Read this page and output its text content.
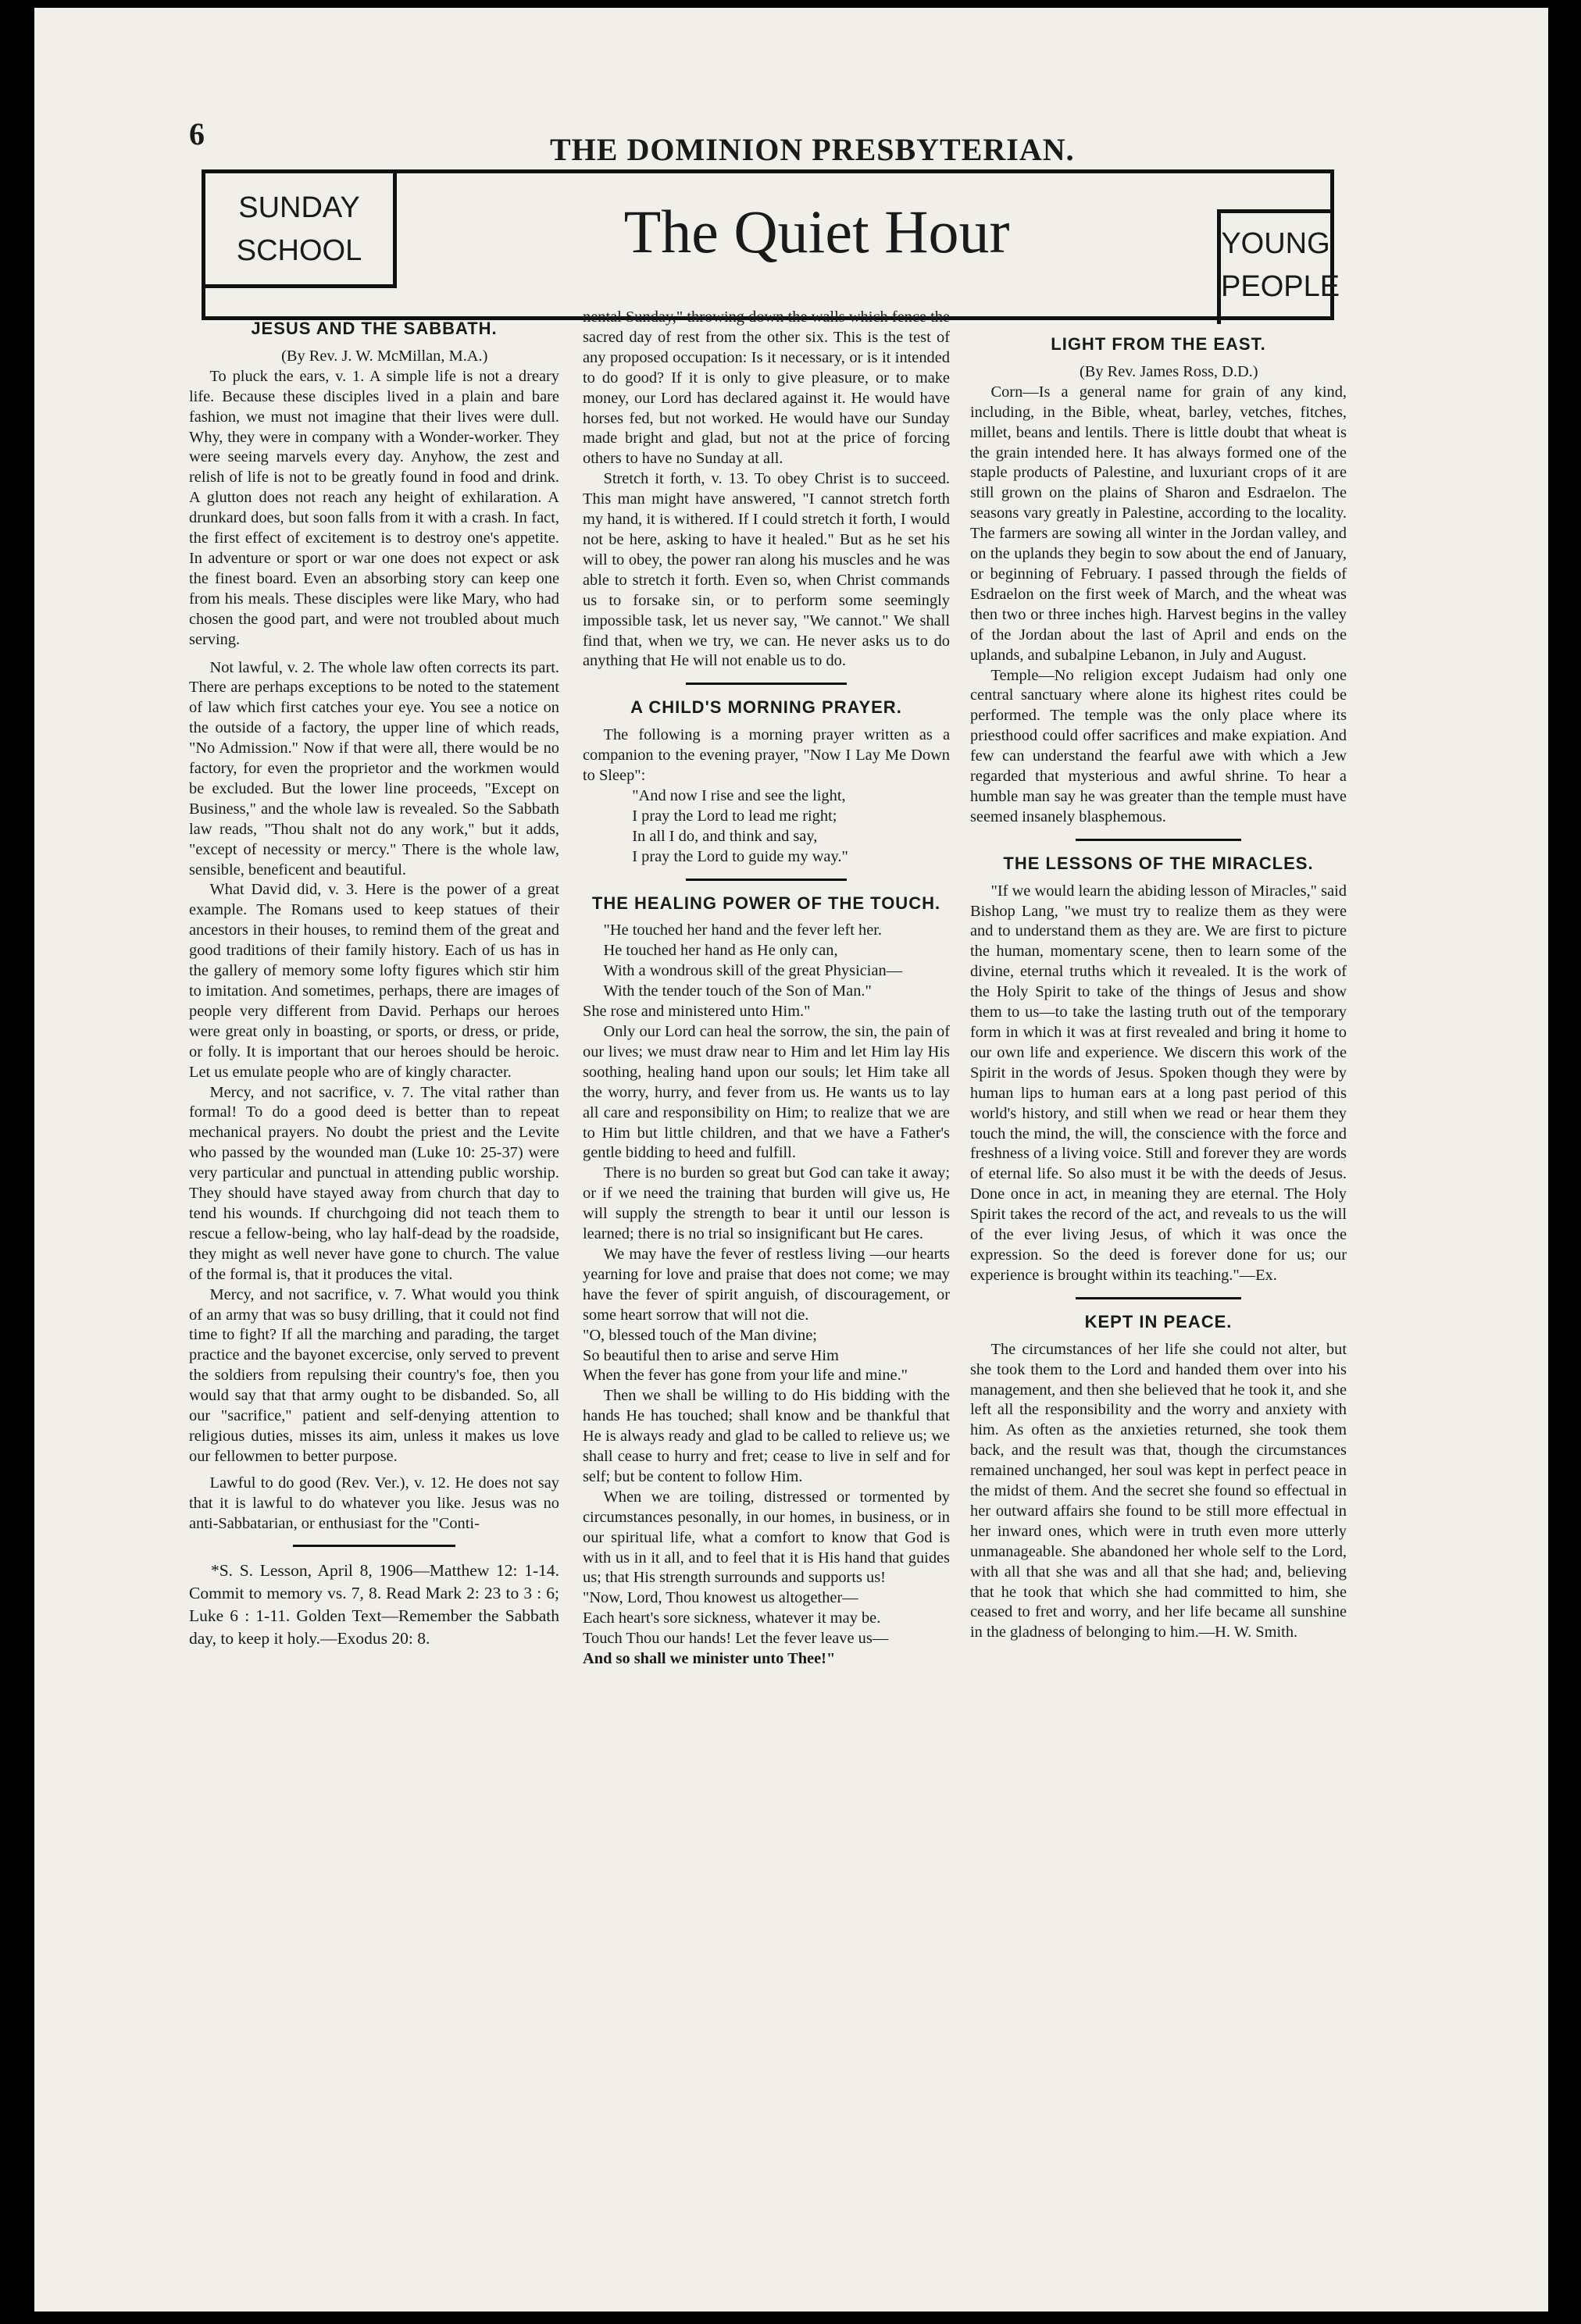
6	THE DOMINION PRESBYTERIAN.
SUNDAY
SCHOOL	The Quiet Hour	YOUNG
PEOPLE
JESUS AND THE SABBATH.

(By Rev. J. W. McMillan, M.A.)

To pluck the ears, v. 1. A simple life is not a dreary life. Because these disciples lived in a plain and bare fashion, we must not imagine that their lives were dull. Why, they were in company with a Wonder-worker. They were seeing marvels every day. Anyhow, the zest and relish of life is not to be greatly found in food and drink. A glutton does not reach any height of exhilaration. A drunkard does, but soon falls from it with a crash. In fact, the first effect of excitement is to destroy one's appetite. In adventure or sport or war one does not expect or ask the finest board. Even an absorbing story can keep one from his meals. These disciples were like Mary, who had chosen the good part, and were not troubled about much serving.

Not lawful, v. 2. The whole law often corrects its part. There are perhaps exceptions to be noted to the statement of law which first catches your eye. You see a notice on the outside of a factory, the upper line of which reads, "No Admission." Now if that were all, there would be no factory, for even the proprietor and the workmen would be excluded. But the lower line proceeds, "Except on Business," and the whole law is revealed. So the Sabbath law reads, "Thou shalt not do any work," but it adds, "except of necessity or mercy." There is the whole law, sensible, beneficent and beautiful.

What David did, v. 3. Here is the power of a great example. The Romans used to keep statues of their ancestors in their houses, to remind them of the great and good traditions of their family history. Each of us has in the gallery of memory some lofty figures which stir him to imitation. And sometimes, perhaps, there are images of people very different from David. Perhaps our heroes were great only in boasting, or sports, or dress, or pride, or folly. It is important that our heroes should be heroic. Let us emulate people who are of kingly character.

Mercy, and not sacrifice, v. 7. The vital rather than formal! To do a good deed is better than to repeat mechanical prayers. No doubt the priest and the Levite who passed by the wounded man (Luke 10: 25-37) were very particular and punctual in attending public worship. They should have stayed away from church that day to tend his wounds. If churchgoing did not teach them to rescue a fellow-being, who lay half-dead by the roadside, they might as well never have gone to church. The value of the formal is, that it produces the vital.

Mercy, and not sacrifice, v. 7. What would you think of an army that was so busy drilling, that it could not find time to fight? If all the marching and parading, the target practice and the bayonet excercise, only served to prevent the soldiers from repulsing their country's foe, then you would say that that army ought to be disbanded. So, all our "sacrifice," patient and self-denying attention to religious duties, misses its aim, unless it makes us love our fellowmen to better purpose.

Lawful to do good (Rev. Ver.), v. 12. He does not say that it is lawful to do whatever you like. Jesus was no anti-Sabbatarian, or enthusiast for the "Conti-

*S. S. Lesson, April 8, 1906—Matthew 12: 1-14. Commit to memory vs. 7, 8. Read Mark 2: 23 to 3 : 6; Luke 6 : 1-11. Golden Text—Remember the Sabbath day, to keep it holy.—Exodus 20: 8.

nental Sunday," throwing down the walls which fence the sacred day of rest from the other six. This is the test of any proposed occupation: Is it necessary, or is it intended to do good? If it is only to give pleasure, or to make money, our Lord has declared against it. He would have horses fed, but not worked. He would have our Sunday made bright and glad, but not at the price of forcing others to have no Sunday at all.

Stretch it forth, v. 13. To obey Christ is to succeed. This man might have answered, "I cannot stretch forth my hand, it is withered. If I could stretch it forth, I would not be here, asking to have it healed." But as he set his will to obey, the power ran along his muscles and he was able to stretch it forth. Even so, when Christ commands us to forsake sin, or to perform some seemingly impossible task, let us never say, "We cannot." We shall find that, when we try, we can. He never asks us to do anything that He will not enable us to do.

A CHILD'S MORNING PRAYER.

The following is a morning prayer written as a companion to the evening prayer, "Now I Lay Me Down to Sleep":

"And now I rise and see the light,

I pray the Lord to lead me right;

In all I do, and think and say,

I pray the Lord to guide my way."

THE HEALING POWER OF THE TOUCH.

"He touched her hand and the fever left her.

He touched her hand as He only can,

With a wondrous skill of the great Physician—

With the tender touch of the Son of Man."

She rose and ministered unto Him."

Only our Lord can heal the sorrow, the sin, the pain of our lives; we must draw near to Him and let Him lay His soothing, healing hand upon our souls; let Him take all the worry, hurry, and fever from us. He wants us to lay all care and responsibility on Him; to realize that we are to Him but little children, and that we have a Father's gentle bidding to heed and fulfill.

There is no burden so great but God can take it away; or if we need the training that burden will give us, He will supply the strength to bear it until our lesson is learned; there is no trial so insignificant but He cares.

We may have the fever of restless living —our hearts yearning for love and praise that does not come; we may have the fever of spirit anguish, of discouragement, or some heart sorrow that will not die.

"O, blessed touch of the Man divine;

So beautiful then to arise and serve Him

When the fever has gone from your life and mine."

Then we shall be willing to do His bidding with the hands He has touched; shall know and be thankful that He is always ready and glad to be called to relieve us; we shall cease to hurry and fret; cease to live in self and for self; but be content to follow Him.

When we are toiling, distressed or tormented by circumstances pesonally, in our homes, in business, or in our spiritual life, what a comfort to know that God is with us in it all, and to feel that it is His hand that guides us; that His strength surrounds and supports us!

"Now, Lord, Thou knowest us altogether—

Each heart's sore sickness, whatever it may be.

Touch Thou our hands! Let the fever leave us—

And so shall we minister unto Thee!"

LIGHT FROM THE EAST.

(By Rev. James Ross, D.D.)

Corn—Is a general name for grain of any kind, including, in the Bible, wheat, barley, vetches, fitches, millet, beans and lentils. There is little doubt that wheat is the grain intended here. It has always formed one of the staple products of Palestine, and luxuriant crops of it are still grown on the plains of Sharon and Esdraelon. The seasons vary greatly in Palestine, according to the locality. The farmers are sowing all winter in the Jordan valley, and on the uplands they begin to sow about the end of January, or beginning of February. I passed through the fields of Esdraelon on the first week of March, and the wheat was then two or three inches high. Harvest begins in the valley of the Jordan about the last of April and ends on the uplands, and subalpine Lebanon, in July and August.

Temple—No religion except Judaism had only one central sanctuary where alone its highest rites could be performed. The temple was the only place where its priesthood could offer sacrifices and make expiation. And few can understand the fearful awe with which a Jew regarded that mysterious and awful shrine. To hear a humble man say he was greater than the temple must have seemed insanely blasphemous.

THE LESSONS OF THE MIRACLES.

"If we would learn the abiding lesson of Miracles," said Bishop Lang, "we must try to realize them as they were and to understand them as they are. We are first to picture the human, momentary scene, then to learn some of the divine, eternal truths which it revealed. It is the work of the Holy Spirit to take of the things of Jesus and show them to us—to take the lasting truth out of the temporary form in which it was at first revealed and bring it home to our own life and experience. We discern this work of the Spirit in the words of Jesus. Spoken though they were by human lips to human ears at a long past period of this world's history, and still when we read or hear them they touch the mind, the will, the conscience with the force and freshness of a living voice. Still and forever they are words of eternal life. So also must it be with the deeds of Jesus. Done once in act, in meaning they are eternal. The Holy Spirit takes the record of the act, and reveals to us the will of the ever living Jesus, of which it was once the expression. So the deed is forever done for us; our experience is brought within its teaching."—Ex.

KEPT IN PEACE.

The circumstances of her life she could not alter, but she took them to the Lord and handed them over into his management, and then she believed that he took it, and she left all the responsibility and the worry and anxiety with him. As often as the anxieties returned, she took them back, and the result was that, though the circumstances remained unchanged, her soul was kept in perfect peace in the midst of them. And the secret she found so effectual in her outward affairs she found to be still more effectual in her inward ones, which were in truth even more utterly unmanageable. She abandoned her whole self to the Lord, with all that she was and all that she had; and, believing that he took that which she had committed to him, she ceased to fret and worry, and her life became all sunshine in the gladness of belonging to him.—H. W. Smith.
